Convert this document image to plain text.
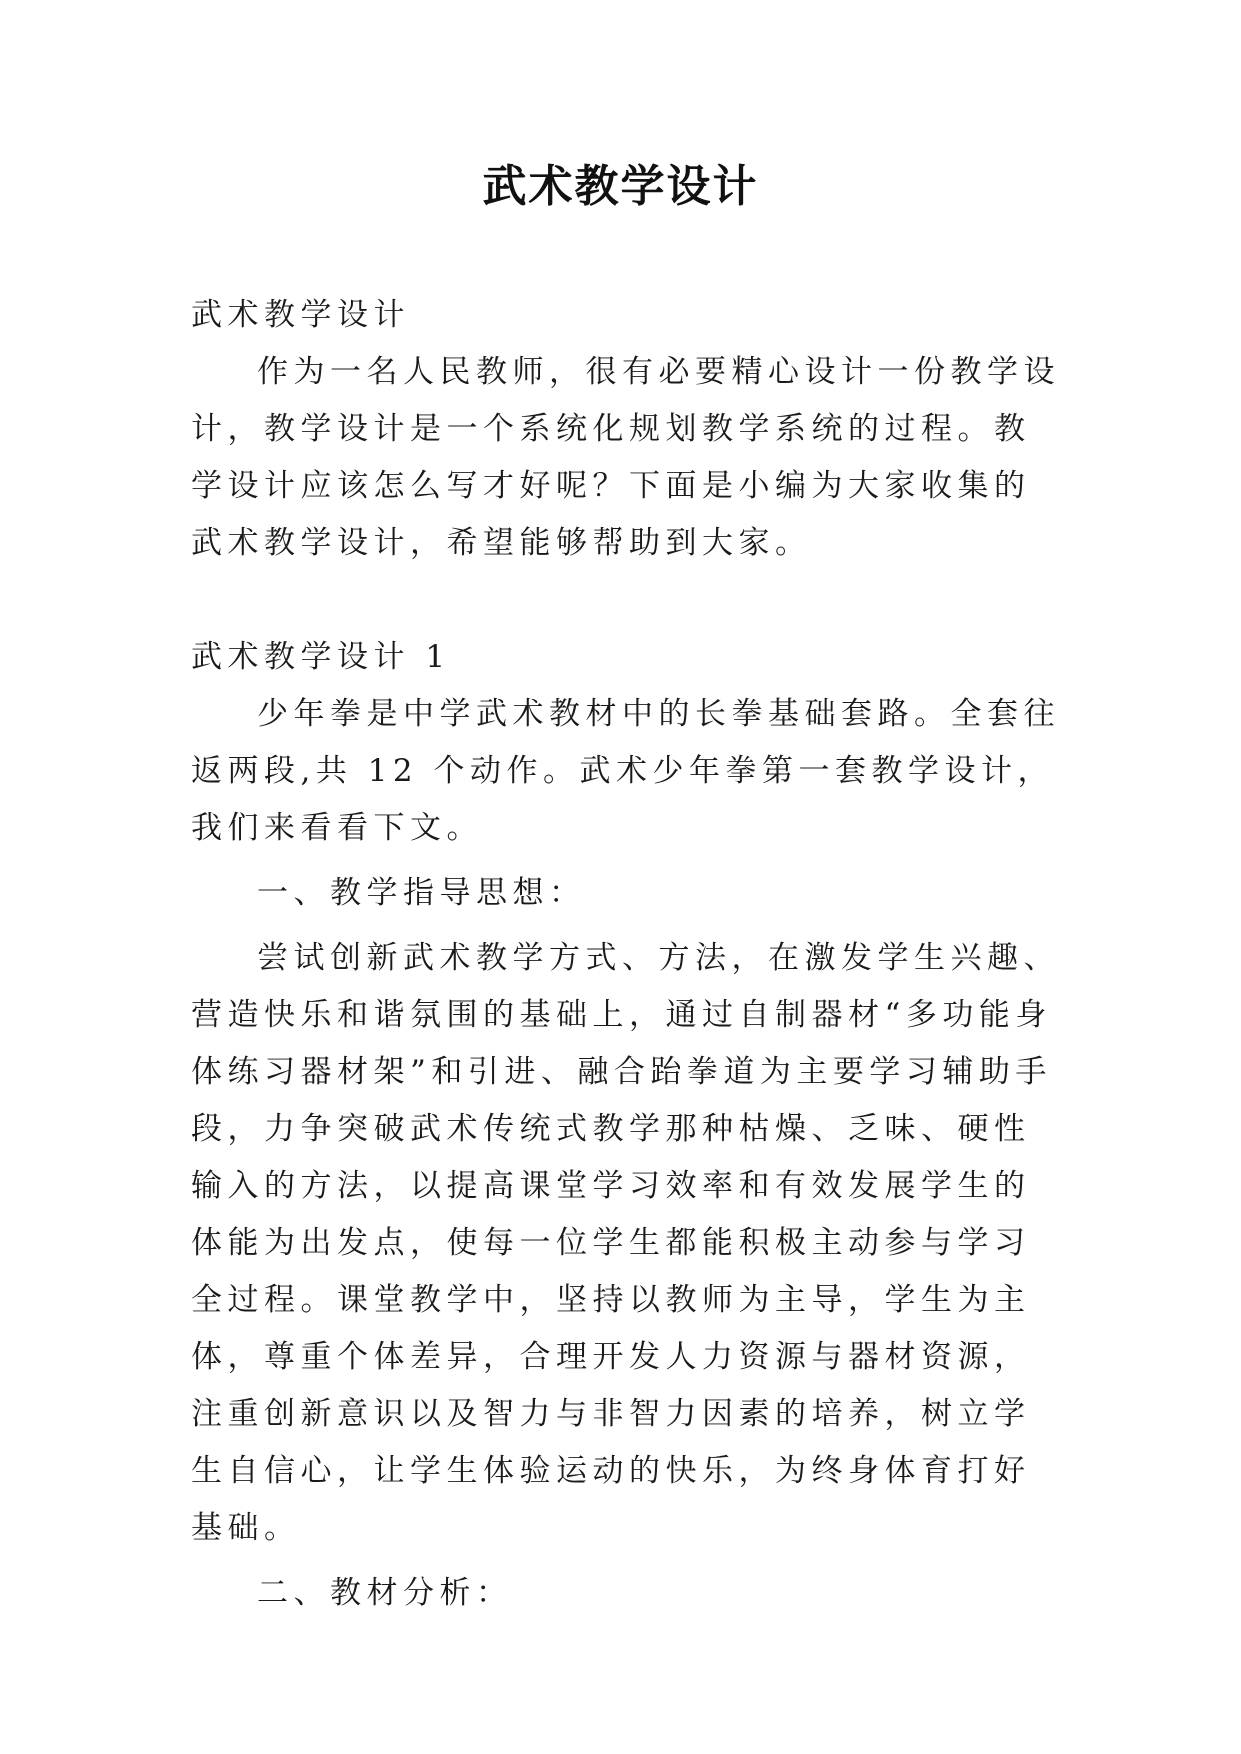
武术教学设计

武术教学设计

作为一名人民教师，很有必要精心设计一份教学设计，教学设计是一个系统化规划教学系统的过程。教学设计应该怎么写才好呢？下面是小编为大家收集的武术教学设计，希望能够帮助到大家。

武术教学设计 1

少年拳是中学武术教材中的长拳基础套路。全套往返两段,共 12 个动作。武术少年拳第一套教学设计，我们来看看下文。

一、教学指导思想：

尝试创新武术教学方式、方法，在激发学生兴趣、营造快乐和谐氛围的基础上，通过自制器材“多功能身体练习器材架”和引进、融合跆拳道为主要学习辅助手段，力争突破武术传统式教学那种枯燥、乏味、硬性输入的方法，以提高课堂学习效率和有效发展学生的体能为出发点，使每一位学生都能积极主动参与学习全过程。课堂教学中，坚持以教师为主导，学生为主体，尊重个体差异，合理开发人力资源与器材资源，注重创新意识以及智力与非智力因素的培养，树立学生自信心，让学生体验运动的快乐，为终身体育打好基础。

二、教材分析：
